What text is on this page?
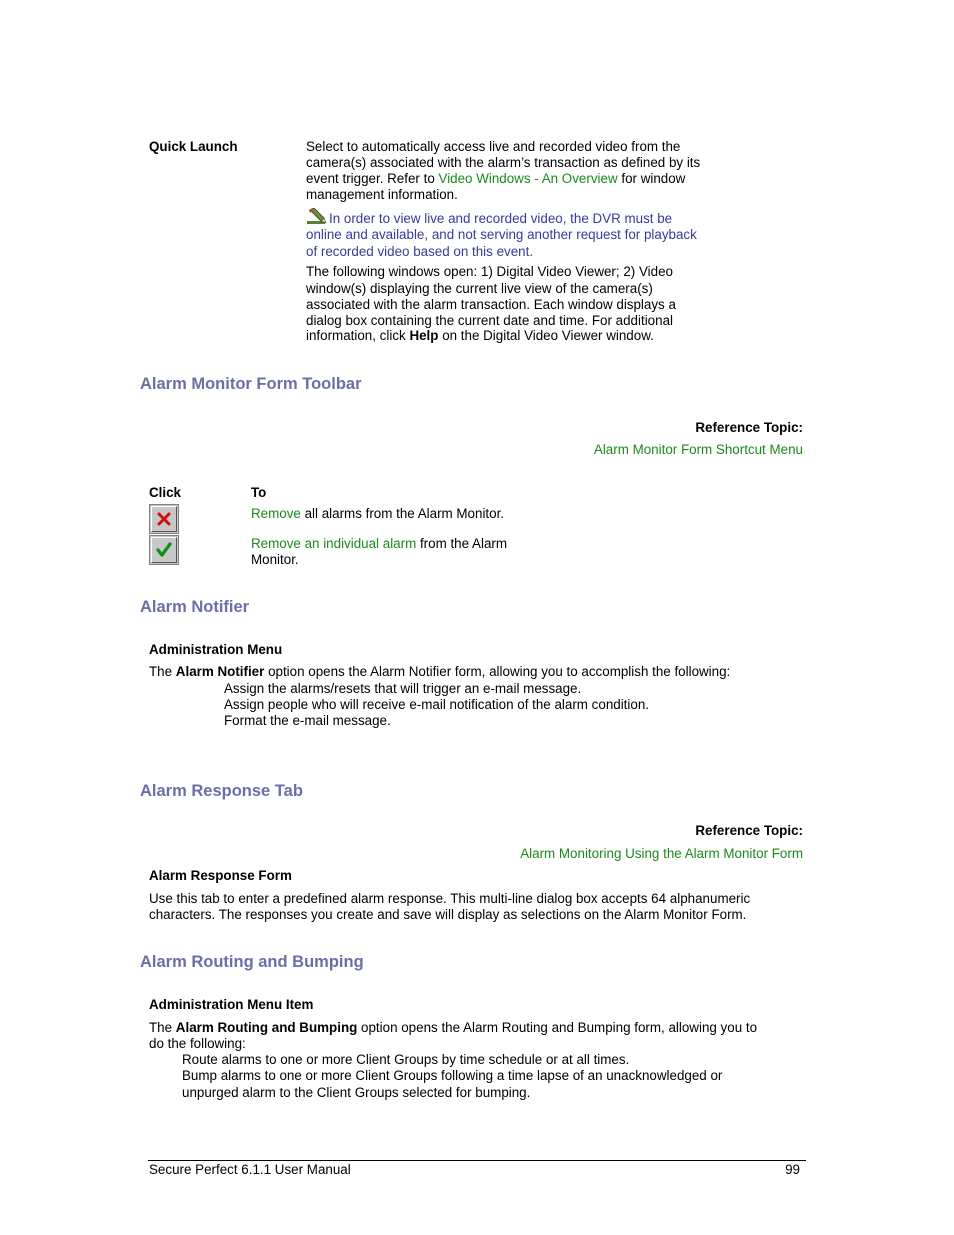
Quick Launch	Select to automatically access live and recorded video from the
camera(s) associated with the alarm’s transaction as defined by its
event trigger. Refer to Video Windows - An Overview for window
management information.
In order to view live and recorded video, the DVR must be
online and available, and not serving another request for playback
of recorded video based on this event.
The following windows open: 1) Digital Video Viewer; 2) Video
window(s) displaying the current live view of the camera(s)
associated with the alarm transaction. Each window displays a
dialog box containing the current date and time. For additional
information, click Help on the Digital Video Viewer window.
Alarm Monitor Form Toolbar
Reference Topic:
Alarm Monitor Form Shortcut Menu
Click	To
Remove all alarms from the Alarm Monitor.
Remove an individual alarm from the Alarm
Monitor.
Alarm Notifier
Administration Menu
The Alarm Notifier option opens the Alarm Notifier form, allowing you to accomplish the following:
Assign the alarms/resets that will trigger an e-mail message.
Assign people who will receive e-mail notification of the alarm condition.
Format the e-mail message.
Alarm Response Tab
Reference Topic:
Alarm Monitoring Using the Alarm Monitor Form
Alarm Response Form
Use this tab to enter a predefined alarm response. This multi-line dialog box accepts 64 alphanumeric
characters. The responses you create and save will display as selections on the Alarm Monitor Form.
Alarm Routing and Bumping
Administration Menu Item
The Alarm Routing and Bumping option opens the Alarm Routing and Bumping form, allowing you to
do the following:
Route alarms to one or more Client Groups by time schedule or at all times.
Bump alarms to one or more Client Groups following a time lapse of an unacknowledged or
unpurged alarm to the Client Groups selected for bumping.
Secure Perfect 6.1.1 User Manual	99
